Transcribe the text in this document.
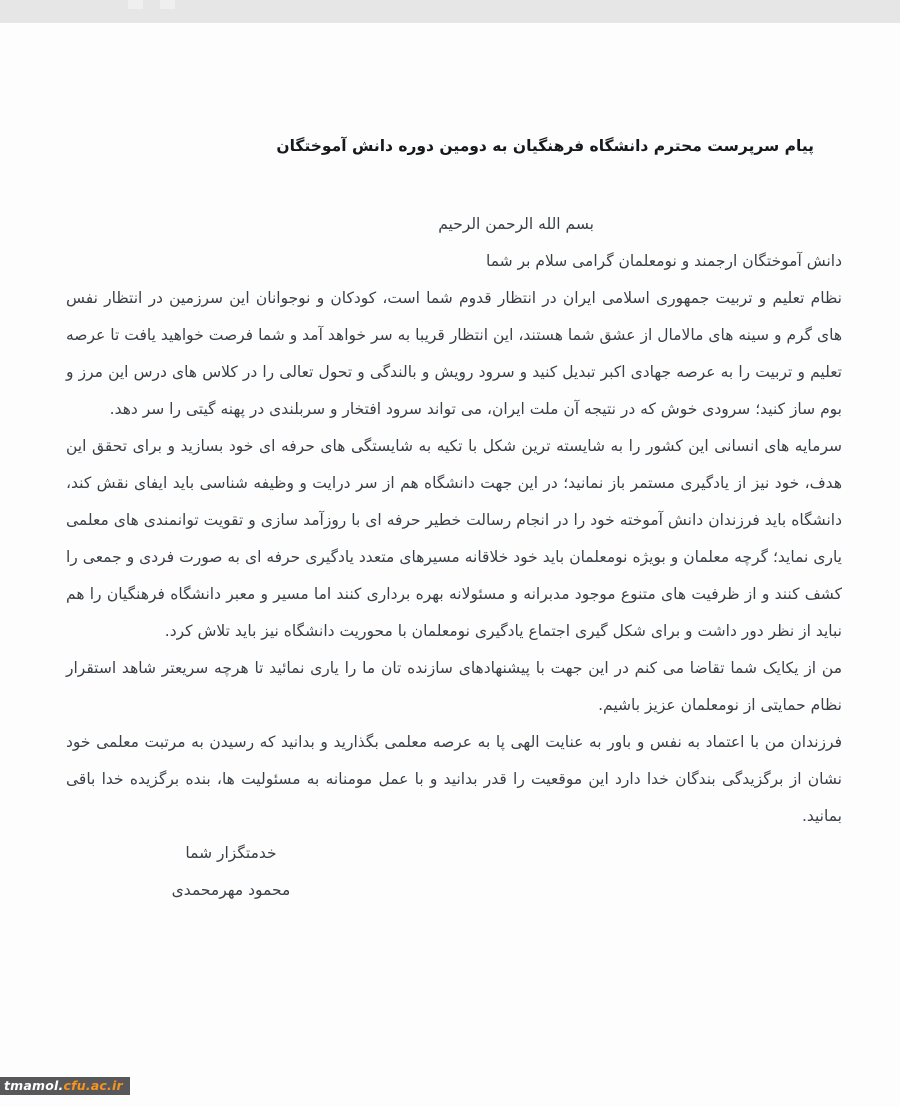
پیام سرپرست محترم دانشگاه فرهنگیان به دومین دوره دانش آموختگان
بسم الله الرحمن الرحیم
دانش آموختگان ارجمند و نومعلمان گرامی سلام بر شما

نظام تعلیم و تربیت جمهوری اسلامی ایران در انتظار قدوم شما است، کودکان و نوجوانان این سرزمین در انتظار نفس های گرم و سینه های مالامال از عشق شما هستند، این انتظار قریبا به سر خواهد آمد و شما فرصت خواهید یافت تا عرصه تعلیم و تربیت را به عرصه جهادی اکبر تبدیل کنید و سرود رویش و بالندگی و تحول تعالی را در کلاس های درس این مرز و بوم ساز کنید؛ سرودی خوش که در نتیجه آن ملت ایران، می تواند سرود افتخار و سربلندی در پهنه گیتی را سر دهد.

سرمایه های انسانی این کشور را به شایسته ترین شکل با تکیه به شایستگی های حرفه ای خود بسازید و برای تحقق این هدف، خود نیز از یادگیری مستمر باز نمانید؛ در این جهت دانشگاه هم از سر درایت و وظیفه شناسی باید ایفای نقش کند، دانشگاه باید فرزندان دانش آموخته خود را در انجام رسالت خطیر حرفه ای با روزآمد سازی و تقویت توانمندی های معلمی یاری نماید؛ گرچه معلمان و بویژه نومعلمان باید خود خلاقانه مسیرهای متعدد یادگیری حرفه ای به صورت فردی و جمعی را کشف کنند و از ظرفیت های متنوع موجود مدبرانه و مسئولانه بهره برداری کنند اما مسیر و معبر دانشگاه فرهنگیان را هم نباید از نظر دور داشت و برای شکل گیری اجتماع یادگیری نومعلمان با محوریت دانشگاه نیز باید تلاش کرد.

من از یکایک شما تقاضا می کنم در این جهت با پیشنهادهای سازنده تان ما را یاری نمائید تا هرچه سریعتر شاهد استقرار نظام حمایتی از نومعلمان عزیز باشیم.

فرزندان من با اعتماد به نفس و باور به عنایت الهی پا به عرصه معلمی بگذارید و بدانید که رسیدن به مرتبت معلمی خود نشان از برگزیدگی بندگان خدا دارد این موقعیت را قدر بدانید و با عمل مومنانه به مسئولیت ها، بنده برگزیده خدا باقی بمانید.

خدمتگزار شما
محمود مهرمحمدی
tmamol.cfu.ac.ir
